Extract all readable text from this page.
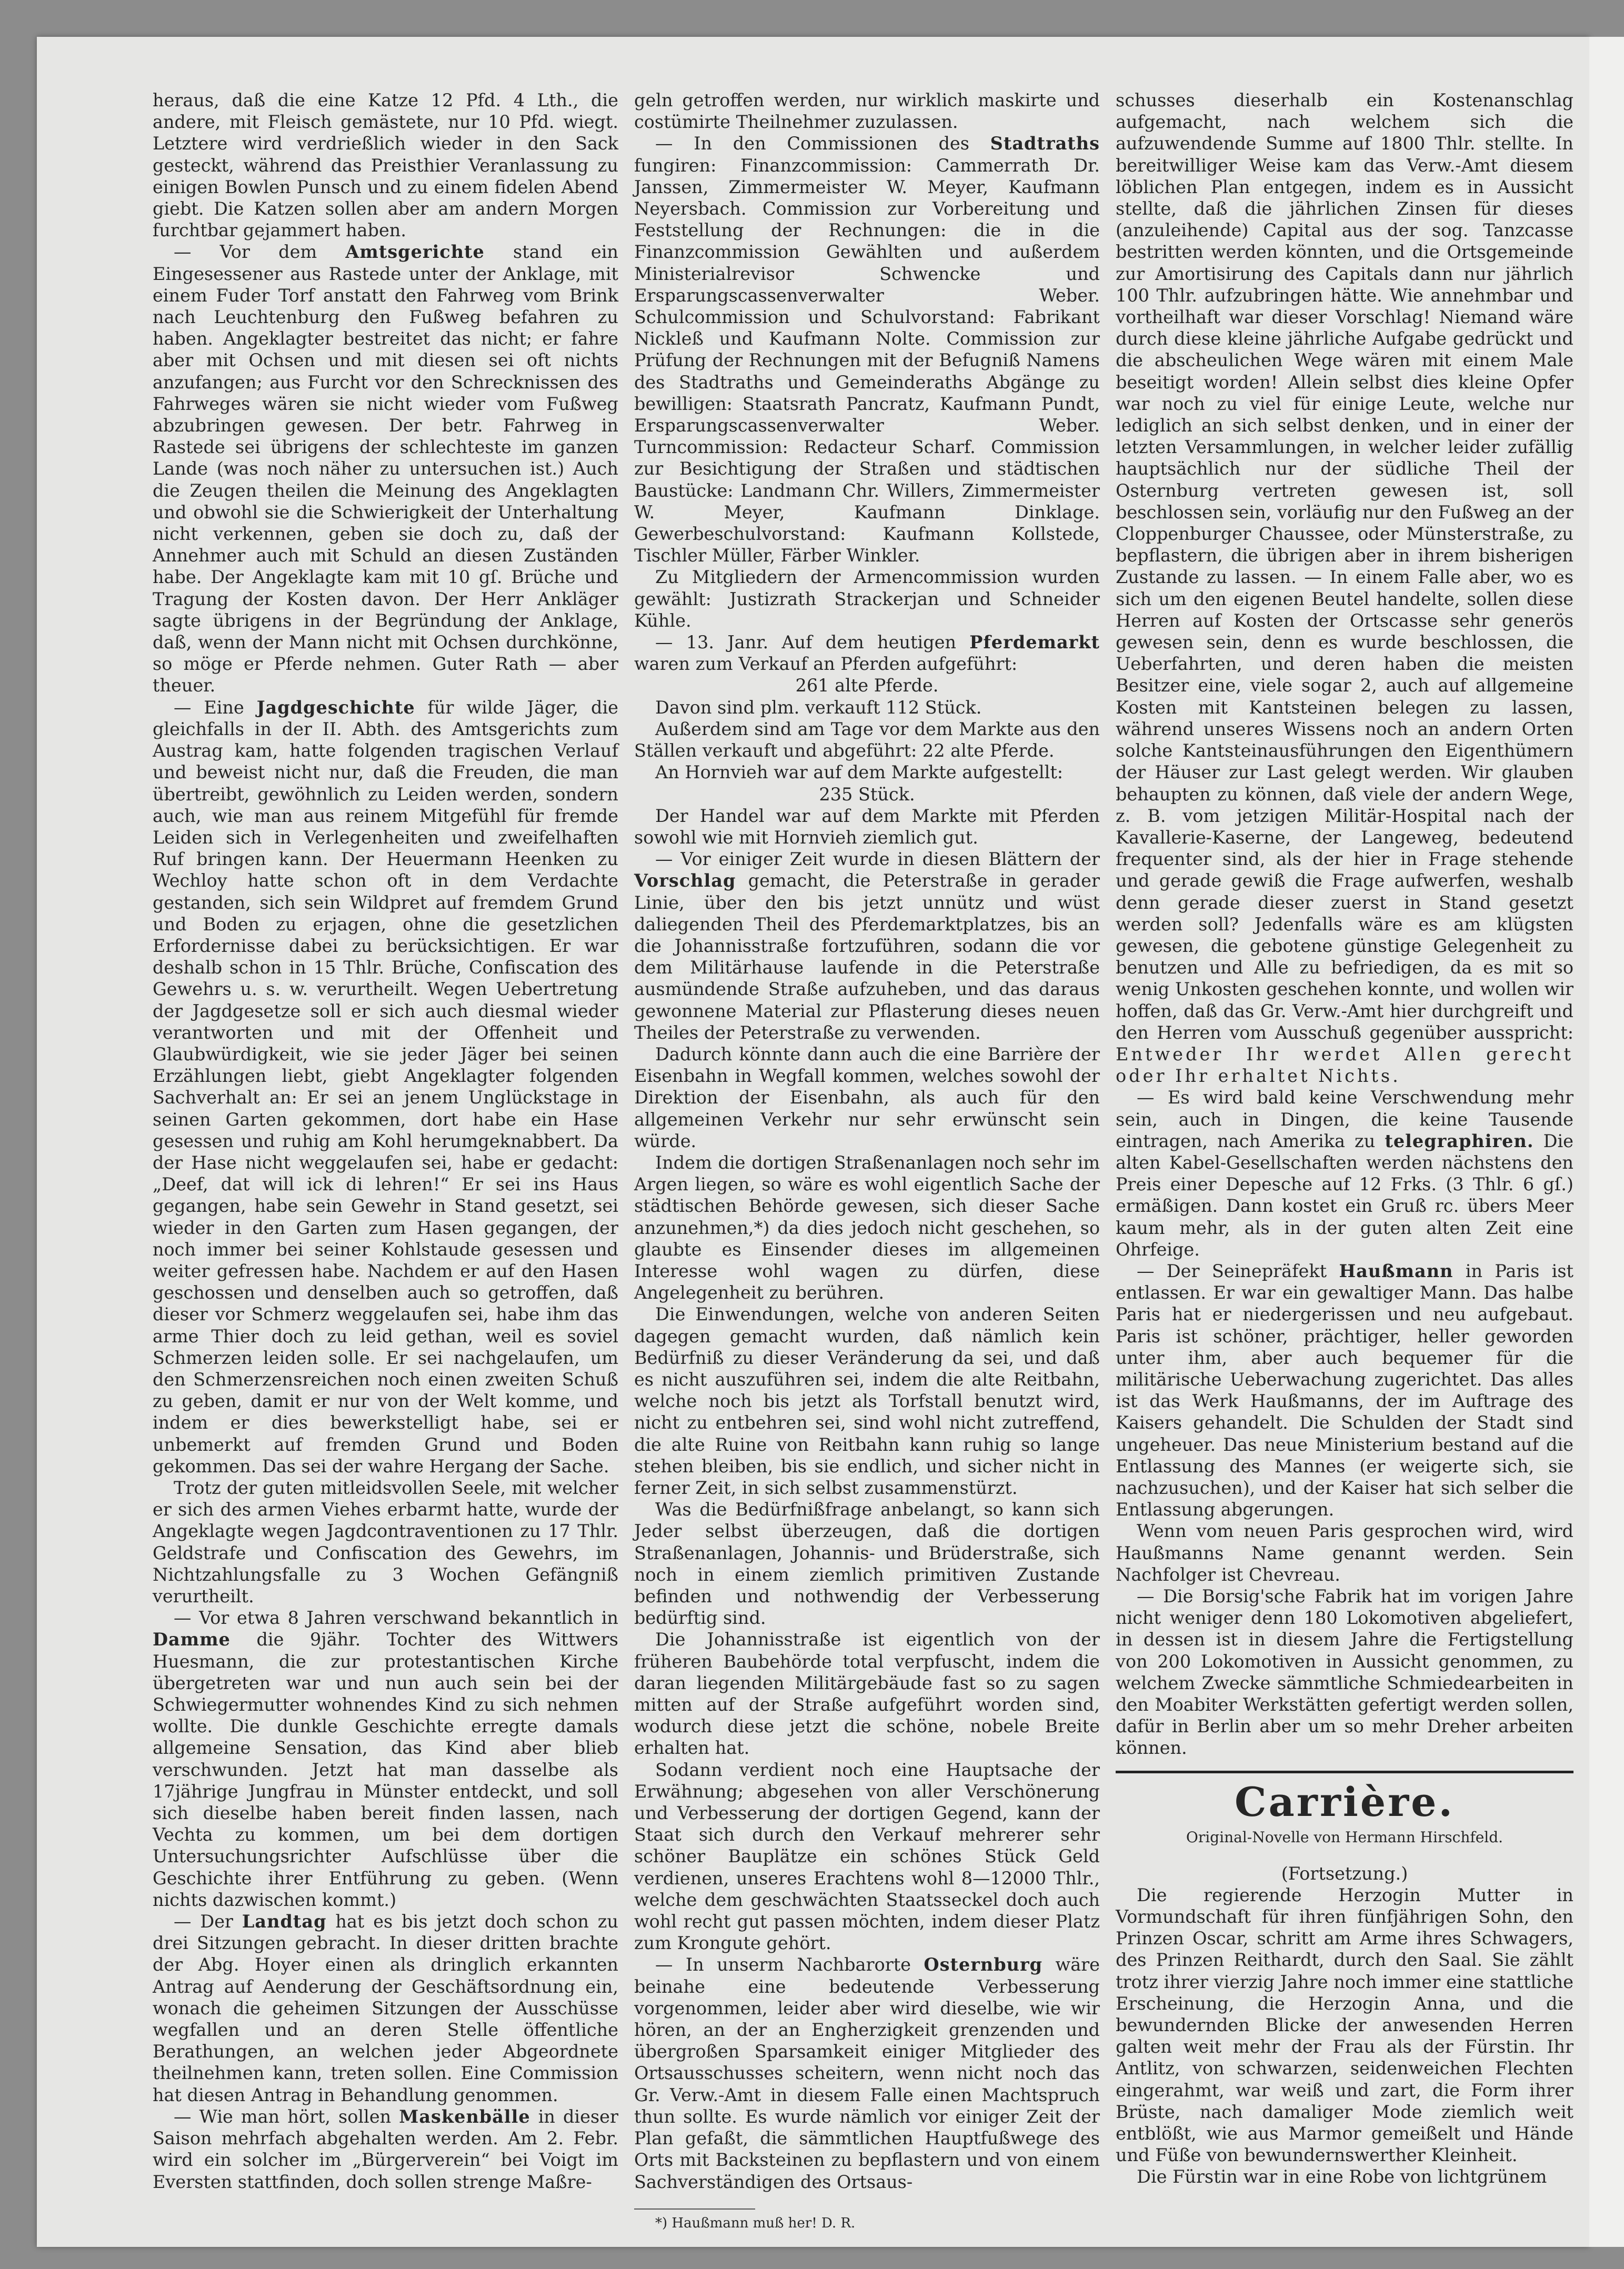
heraus, daß die eine Katze 12 Pfd. 4 Lth., die andere, mit Fleisch gemästete, nur 10 Pfd. wiegt. Letztere wird verdrießlich wieder in den Sack gesteckt, während das Preisthier Veranlassung zu einigen Bowlen Punsch und zu einem fidelen Abend giebt. Die Katzen sollen aber am andern Morgen furchtbar gejammert haben.

— Vor dem Amtsgerichte stand ein Eingesessener aus Rastede unter der Anklage, mit einem Fuder Torf anstatt den Fahrweg vom Brink nach Leuchtenburg den Fußweg befahren zu haben. Angeklagter bestreitet das nicht; er fahre aber mit Ochsen und mit diesen sei oft nichts anzufangen; aus Furcht vor den Schrecknissen des Fahrweges wären sie nicht wieder vom Fußweg abzubringen gewesen. Der betr. Fahrweg in Rastede sei übrigens der schlechteste im ganzen Lande (was noch näher zu untersuchen ist.) Auch die Zeugen theilen die Meinung des Angeklagten und obwohl sie die Schwierigkeit der Unterhaltung nicht verkennen, geben sie doch zu, daß der Annehmer auch mit Schuld an diesen Zuständen habe. Der Angeklagte kam mit 10 gſ. Brüche und Tragung der Kosten davon. Der Herr Ankläger sagte übrigens in der Begründung der Anklage, daß, wenn der Mann nicht mit Ochsen durchkönne, so möge er Pferde nehmen. Guter Rath — aber theuer.

— Eine Jagdgeschichte für wilde Jäger, die gleichfalls in der II. Abth. des Amtsgerichts zum Austrag kam, hatte folgenden tragischen Verlauf und beweist nicht nur, daß die Freuden, die man übertreibt, gewöhnlich zu Leiden werden, sondern auch, wie man aus reinem Mitgefühl für fremde Leiden sich in Verlegenheiten und zweifelhaften Ruf bringen kann. Der Heuermann Heenken zu Wechloy hatte schon oft in dem Verdachte gestanden, sich sein Wildpret auf fremdem Grund und Boden zu erjagen, ohne die gesetzlichen Erfordernisse dabei zu berücksichtigen. Er war deshalb schon in 15 Thlr. Brüche, Confiscation des Gewehrs u. s. w. verurtheilt. Wegen Uebertretung der Jagdgesetze soll er sich auch diesmal wieder verantworten und mit der Offenheit und Glaubwürdigkeit, wie sie jeder Jäger bei seinen Erzählungen liebt, giebt Angeklagter folgenden Sachverhalt an: Er sei an jenem Unglückstage in seinen Garten gekommen, dort habe ein Hase gesessen und ruhig am Kohl herumgeknabbert. Da der Hase nicht weggelaufen sei, habe er gedacht: „Deef, dat will ick di lehren!“ Er sei ins Haus gegangen, habe sein Gewehr in Stand gesetzt, sei wieder in den Garten zum Hasen gegangen, der noch immer bei seiner Kohlstaude gesessen und weiter gefressen habe. Nachdem er auf den Hasen geschossen und denselben auch so getroffen, daß dieser vor Schmerz weggelaufen sei, habe ihm das arme Thier doch zu leid gethan, weil es soviel Schmerzen leiden solle. Er sei nachgelaufen, um den Schmerzensreichen noch einen zweiten Schuß zu geben, damit er nur von der Welt komme, und indem er dies bewerkstelligt habe, sei er unbemerkt auf fremden Grund und Boden gekommen. Das sei der wahre Hergang der Sache.

Trotz der guten mitleidsvollen Seele, mit welcher er sich des armen Viehes erbarmt hatte, wurde der Angeklagte wegen Jagdcontraventionen zu 17 Thlr. Geldstrafe und Confiscation des Gewehrs, im Nichtzahlungsfalle zu 3 Wochen Gefängniß verurtheilt.

— Vor etwa 8 Jahren verschwand bekanntlich in Damme die 9jähr. Tochter des Wittwers Huesmann, die zur protestantischen Kirche übergetreten war und nun auch sein bei der Schwiegermutter wohnendes Kind zu sich nehmen wollte. Die dunkle Geschichte erregte damals allgemeine Sensation, das Kind aber blieb verschwunden. Jetzt hat man dasselbe als 17jährige Jungfrau in Münster entdeckt, und soll sich dieselbe haben bereit finden lassen, nach Vechta zu kommen, um bei dem dortigen Untersuchungsrichter Aufschlüsse über die Geschichte ihrer Entführung zu geben. (Wenn nichts dazwischen kommt.)

— Der Landtag hat es bis jetzt doch schon zu drei Sitzungen gebracht. In dieser dritten brachte der Abg. Hoyer einen als dringlich erkannten Antrag auf Aenderung der Geschäftsordnung ein, wonach die geheimen Sitzungen der Ausschüsse wegfallen und an deren Stelle öffentliche Berathungen, an welchen jeder Abgeordnete theilnehmen kann, treten sollen. Eine Commission hat diesen Antrag in Behandlung genommen.

— Wie man hört, sollen Maskenbälle in dieser Saison mehrfach abgehalten werden. Am 2. Febr. wird ein solcher im „Bürgerverein“ bei Voigt im Eversten stattfinden, doch sollen strenge Maßre-

geln getroffen werden, nur wirklich maskirte und costümirte Theilnehmer zuzulassen.

— In den Commissionen des Stadtraths fungiren: Finanzcommission: Cammerrath Dr. Janssen, Zimmermeister W. Meyer, Kaufmann Neyersbach. Commission zur Vorbereitung und Feststellung der Rechnungen: die in die Finanzcommission Gewählten und außerdem Ministerialrevisor Schwencke und Ersparungscassenverwalter Weber. Schulcommission und Schulvorstand: Fabrikant Nickleß und Kaufmann Nolte. Commission zur Prüfung der Rechnungen mit der Befugniß Namens des Stadtraths und Gemeinderaths Abgänge zu bewilligen: Staatsrath Pancratz, Kaufmann Pundt, Ersparungscassenverwalter Weber. Turncommission: Redacteur Scharf. Commission zur Besichtigung der Straßen und städtischen Baustücke: Landmann Chr. Willers, Zimmermeister W. Meyer, Kaufmann Dinklage. Gewerbeschulvorstand: Kaufmann Kollstede, Tischler Müller, Färber Winkler.

Zu Mitgliedern der Armencommission wurden gewählt: Justizrath Strackerjan und Schneider Kühle.

— 13. Janr. Auf dem heutigen Pferdemarkt waren zum Verkauf an Pferden aufgeführt:

261 alte Pferde.

Davon sind plm. verkauft 112 Stück.

Außerdem sind am Tage vor dem Markte aus den Ställen verkauft und abgeführt: 22 alte Pferde.

An Hornvieh war auf dem Markte aufgestellt:

235 Stück.

Der Handel war auf dem Markte mit Pferden sowohl wie mit Hornvieh ziemlich gut.

— Vor einiger Zeit wurde in diesen Blättern der Vorschlag gemacht, die Peterstraße in gerader Linie, über den bis jetzt unnütz und wüst daliegenden Theil des Pferdemarktplatzes, bis an die Johannisstraße fortzuführen, sodann die vor dem Militärhause laufende in die Peterstraße ausmündende Straße aufzuheben, und das daraus gewonnene Material zur Pflasterung dieses neuen Theiles der Peterstraße zu verwenden.

Dadurch könnte dann auch die eine Barrière der Eisenbahn in Wegfall kommen, welches sowohl der Direktion der Eisenbahn, als auch für den allgemeinen Verkehr nur sehr erwünscht sein würde.

Indem die dortigen Straßenanlagen noch sehr im Argen liegen, so wäre es wohl eigentlich Sache der städtischen Behörde gewesen, sich dieser Sache anzunehmen,*) da dies jedoch nicht geschehen, so glaubte es Einsender dieses im allgemeinen Interesse wohl wagen zu dürfen, diese Angelegenheit zu berühren.

Die Einwendungen, welche von anderen Seiten dagegen gemacht wurden, daß nämlich kein Bedürfniß zu dieser Veränderung da sei, und daß es nicht auszuführen sei, indem die alte Reitbahn, welche noch bis jetzt als Torfstall benutzt wird, nicht zu entbehren sei, sind wohl nicht zutreffend, die alte Ruine von Reitbahn kann ruhig so lange stehen bleiben, bis sie endlich, und sicher nicht in ferner Zeit, in sich selbst zusammenstürzt.

Was die Bedürfnißfrage anbelangt, so kann sich Jeder selbst überzeugen, daß die dortigen Straßenanlagen, Johannis- und Brüderstraße, sich noch in einem ziemlich primitiven Zustande befinden und nothwendig der Verbesserung bedürftig sind.

Die Johannisstraße ist eigentlich von der früheren Baubehörde total verpfuscht, indem die daran liegenden Militärgebäude fast so zu sagen mitten auf der Straße aufgeführt worden sind, wodurch diese jetzt die schöne, nobele Breite erhalten hat.

Sodann verdient noch eine Hauptsache der Erwähnung; abgesehen von aller Verschönerung und Verbesserung der dortigen Gegend, kann der Staat sich durch den Verkauf mehrerer sehr schöner Bauplätze ein schönes Stück Geld verdienen, unseres Erachtens wohl 8—12000 Thlr., welche dem geschwächten Staatsseckel doch auch wohl recht gut passen möchten, indem dieser Platz zum Krongute gehört.

— In unserm Nachbarorte Osternburg wäre beinahe eine bedeutende Verbesserung vorgenommen, leider aber wird dieselbe, wie wir hören, an der an Engherzigkeit grenzenden und übergroßen Sparsamkeit einiger Mitglieder des Ortsausschusses scheitern, wenn nicht noch das Gr. Verw.-Amt in diesem Falle einen Machtspruch thun sollte. Es wurde nämlich vor einiger Zeit der Plan gefaßt, die sämmtlichen Hauptfußwege des Orts mit Backsteinen zu bepflastern und von einem Sachverständigen des Ortsaus-

*) Haußmann muß her! D. R.

schusses dieserhalb ein Kostenanschlag aufgemacht, nach welchem sich die aufzuwendende Summe auf 1800 Thlr. stellte. In bereitwilliger Weise kam das Verw.-Amt diesem löblichen Plan entgegen, indem es in Aussicht stellte, daß die jährlichen Zinsen für dieses (anzuleihende) Capital aus der sog. Tanzcasse bestritten werden könnten, und die Ortsgemeinde zur Amortisirung des Capitals dann nur jährlich 100 Thlr. aufzubringen hätte. Wie annehmbar und vortheilhaft war dieser Vorschlag! Niemand wäre durch diese kleine jährliche Aufgabe gedrückt und die abscheulichen Wege wären mit einem Male beseitigt worden! Allein selbst dies kleine Opfer war noch zu viel für einige Leute, welche nur lediglich an sich selbst denken, und in einer der letzten Versammlungen, in welcher leider zufällig hauptsächlich nur der südliche Theil der Osternburg vertreten gewesen ist, soll beschlossen sein, vorläufig nur den Fußweg an der Cloppenburger Chaussee, oder Münsterstraße, zu bepflastern, die übrigen aber in ihrem bisherigen Zustande zu lassen. — In einem Falle aber, wo es sich um den eigenen Beutel handelte, sollen diese Herren auf Kosten der Ortscasse sehr generös gewesen sein, denn es wurde beschlossen, die Ueberfahrten, und deren haben die meisten Besitzer eine, viele sogar 2, auch auf allgemeine Kosten mit Kantsteinen belegen zu lassen, während unseres Wissens noch an andern Orten solche Kantsteinausführungen den Eigenthümern der Häuser zur Last gelegt werden. Wir glauben behaupten zu können, daß viele der andern Wege, z. B. vom jetzigen Militär-Hospital nach der Kavallerie-Kaserne, der Langeweg, bedeutend frequenter sind, als der hier in Frage stehende und gerade gewiß die Frage aufwerfen, weshalb denn gerade dieser zuerst in Stand gesetzt werden soll? Jedenfalls wäre es am klügsten gewesen, die gebotene günstige Gelegenheit zu benutzen und Alle zu befriedigen, da es mit so wenig Unkosten geschehen konnte, und wollen wir hoffen, daß das Gr. Verw.-Amt hier durchgreift und den Herren vom Ausschuß gegenüber ausspricht: Entweder Ihr werdet Allen gerecht oder Ihr erhaltet Nichts.

— Es wird bald keine Verschwendung mehr sein, auch in Dingen, die keine Tausende eintragen, nach Amerika zu telegraphiren. Die alten Kabel-Gesellschaften werden nächstens den Preis einer Depesche auf 12 Frks. (3 Thlr. 6 gſ.) ermäßigen. Dann kostet ein Gruß rc. übers Meer kaum mehr, als in der guten alten Zeit eine Ohrfeige.

— Der Seinepräfekt Haußmann in Paris ist entlassen. Er war ein gewaltiger Mann. Das halbe Paris hat er niedergerissen und neu aufgebaut. Paris ist schöner, prächtiger, heller geworden unter ihm, aber auch bequemer für die militärische Ueberwachung zugerichtet. Das alles ist das Werk Haußmanns, der im Auftrage des Kaisers gehandelt. Die Schulden der Stadt sind ungeheuer. Das neue Ministerium bestand auf die Entlassung des Mannes (er weigerte sich, sie nachzusuchen), und der Kaiser hat sich selber die Entlassung abgerungen.

Wenn vom neuen Paris gesprochen wird, wird Haußmanns Name genannt werden. Sein Nachfolger ist Chevreau.

— Die Borsig'sche Fabrik hat im vorigen Jahre nicht weniger denn 180 Lokomotiven abgeliefert, in dessen ist in diesem Jahre die Fertigstellung von 200 Lokomotiven in Aussicht genommen, zu welchem Zwecke sämmtliche Schmiedearbeiten in den Moabiter Werkstätten gefertigt werden sollen, dafür in Berlin aber um so mehr Dreher arbeiten können.

Carrière.
Original-Novelle von Hermann Hirschfeld.

(Fortsetzung.)

Die regierende Herzogin Mutter in Vormundschaft für ihren fünfjährigen Sohn, den Prinzen Oscar, schritt am Arme ihres Schwagers, des Prinzen Reithardt, durch den Saal. Sie zählt trotz ihrer vierzig Jahre noch immer eine stattliche Erscheinung, die Herzogin Anna, und die bewundernden Blicke der anwesenden Herren galten weit mehr der Frau als der Fürstin. Ihr Antlitz, von schwarzen, seidenweichen Flechten eingerahmt, war weiß und zart, die Form ihrer Brüste, nach damaliger Mode ziemlich weit entblößt, wie aus Marmor gemeißelt und Hände und Füße von bewundernswerther Kleinheit.

Die Fürstin war in eine Robe von lichtgrünem
